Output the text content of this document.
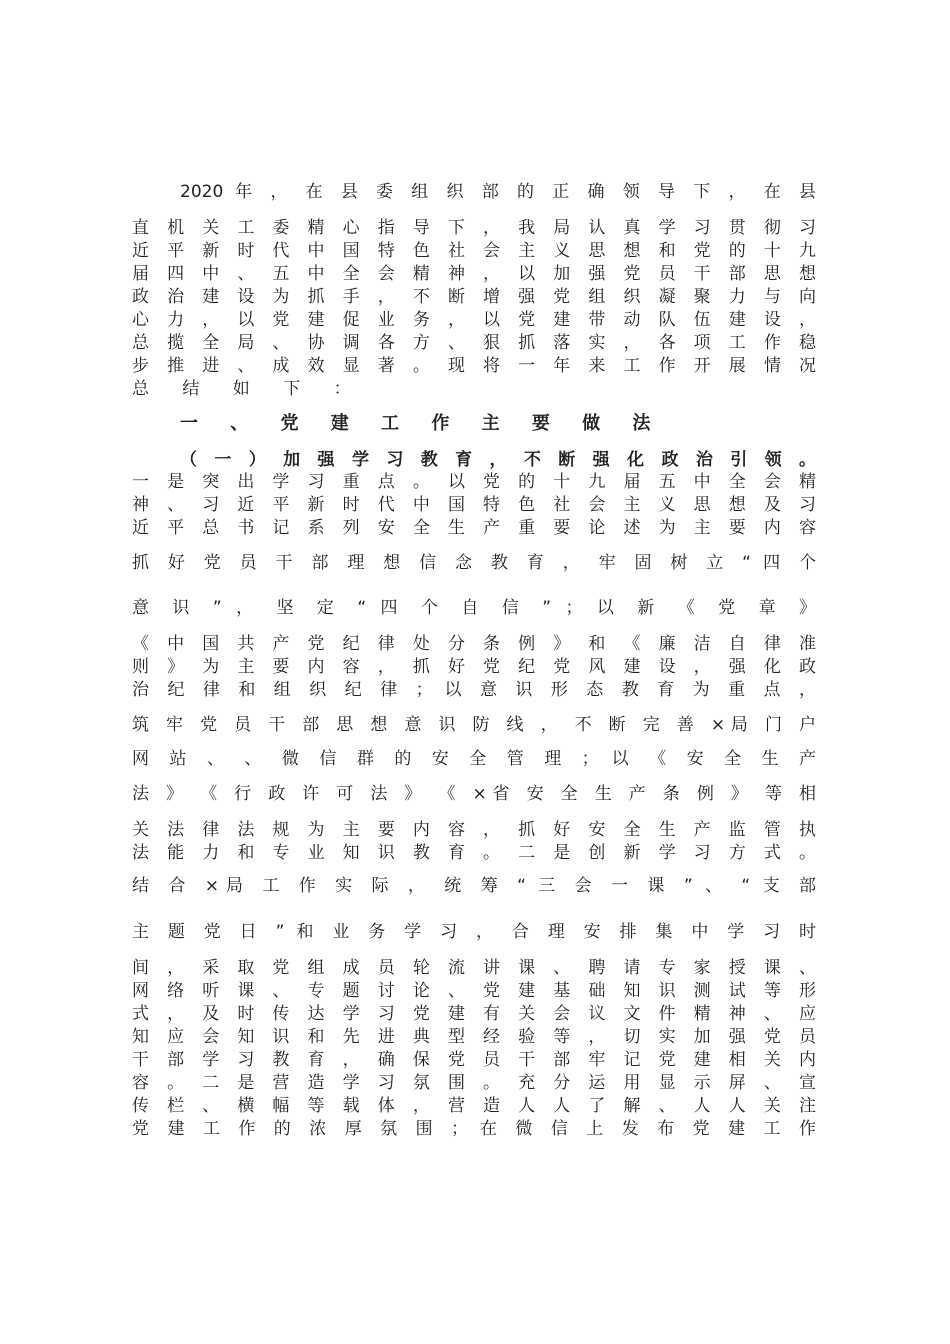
2020 年 ， 在 县 委 组 织 部 的 正 确 领 导 下 ， 在 县
直 机 关 工 委 精 心 指 导 下 ， 我 局 认 真 学 习 贯 彻 习
近 平 新 时 代 中 国 特 色 社 会 主 义 思 想 和 党 的 十 九
届 四 中 、 五 中 全 会 精 神 ， 以 加 强 党 员 干 部 思 想
政 治 建 设 为 抓 手 ， 不 断 增 强 党 组 织 凝 聚 力 与 向
心 力 ， 以 党 建 促 业 务 ， 以 党 建 带 动 队 伍 建 设 ，
总 揽 全 局 、 协 调 各 方 、 狠 抓 落 实 ， 各 项 工 作 稳
步 推 进 、 成 效 显 著 。 现 将 一 年 来 工 作 开 展 情 况
总 结 如 下 ：
一 、 党 建 工 作 主 要 做 法
（ 一 ） 加 强 学 习 教 育 ， 不 断 强 化 政 治 引 领 。
一 是 突 出 学 习 重 点 。 以 党 的 十 九 届 五 中 全 会 精
神 、 习 近 平 新 时 代 中 国 特 色 社 会 主 义 思 想 及 习
近 平 总 书 记 系 列 安 全 生 产 重 要 论 述 为 主 要 内 容
抓 好 党 员 干 部 理 想 信 念 教 育 ， 牢 固 树 立 “ 四 个
意 识 ” ， 坚 定 “ 四 个 自 信 ” ； 以 新 《 党 章 》
《 中 国 共 产 党 纪 律 处 分 条 例 》 和 《 廉 洁 自 律 准
则 》 为 主 要 内 容 ， 抓 好 党 纪 党 风 建 设 ， 强 化 政
治 纪 律 和 组 织 纪 律 ； 以 意 识 形 态 教 育 为 重 点 ，
筑 牢 党 员 干 部 思 想 意 识 防 线 ， 不 断 完 善 ×局 门 户
网 站 、 、 微 信 群 的 安 全 管 理 ； 以 《 安 全 生 产
法 》 《 行 政 许 可 法 》 《 ×省 安 全 生 产 条 例 》 等 相
关 法 律 法 规 为 主 要 内 容 ， 抓 好 安 全 生 产 监 管 执
法 能 力 和 专 业 知 识 教 育 。 二 是 创 新 学 习 方 式 。
结 合 ×局 工 作 实 际 ， 统 筹 “ 三 会 一 课 ” 、 “ 支 部
主 题 党 日 ” 和 业 务 学 习 ， 合 理 安 排 集 中 学 习 时
间 ， 采 取 党 组 成 员 轮 流 讲 课 、 聘 请 专 家 授 课 、
网 络 听 课 、 专 题 讨 论 、 党 建 基 础 知 识 测 试 等 形
式 ， 及 时 传 达 学 习 党 建 有 关 会 议 文 件 精 神 、 应
知 应 会 知 识 和 先 进 典 型 经 验 等 ， 切 实 加 强 党 员
干 部 学 习 教 育 ， 确 保 党 员 干 部 牢 记 党 建 相 关 内
容 。 二 是 营 造 学 习 氛 围 。 充 分 运 用 显 示 屏 、 宣
传 栏 、 横 幅 等 载 体 ， 营 造 人 人 了 解 、 人 人 关 注
党 建 工 作 的 浓 厚 氛 围 ； 在 微 信 上 发 布 党 建 工 作
